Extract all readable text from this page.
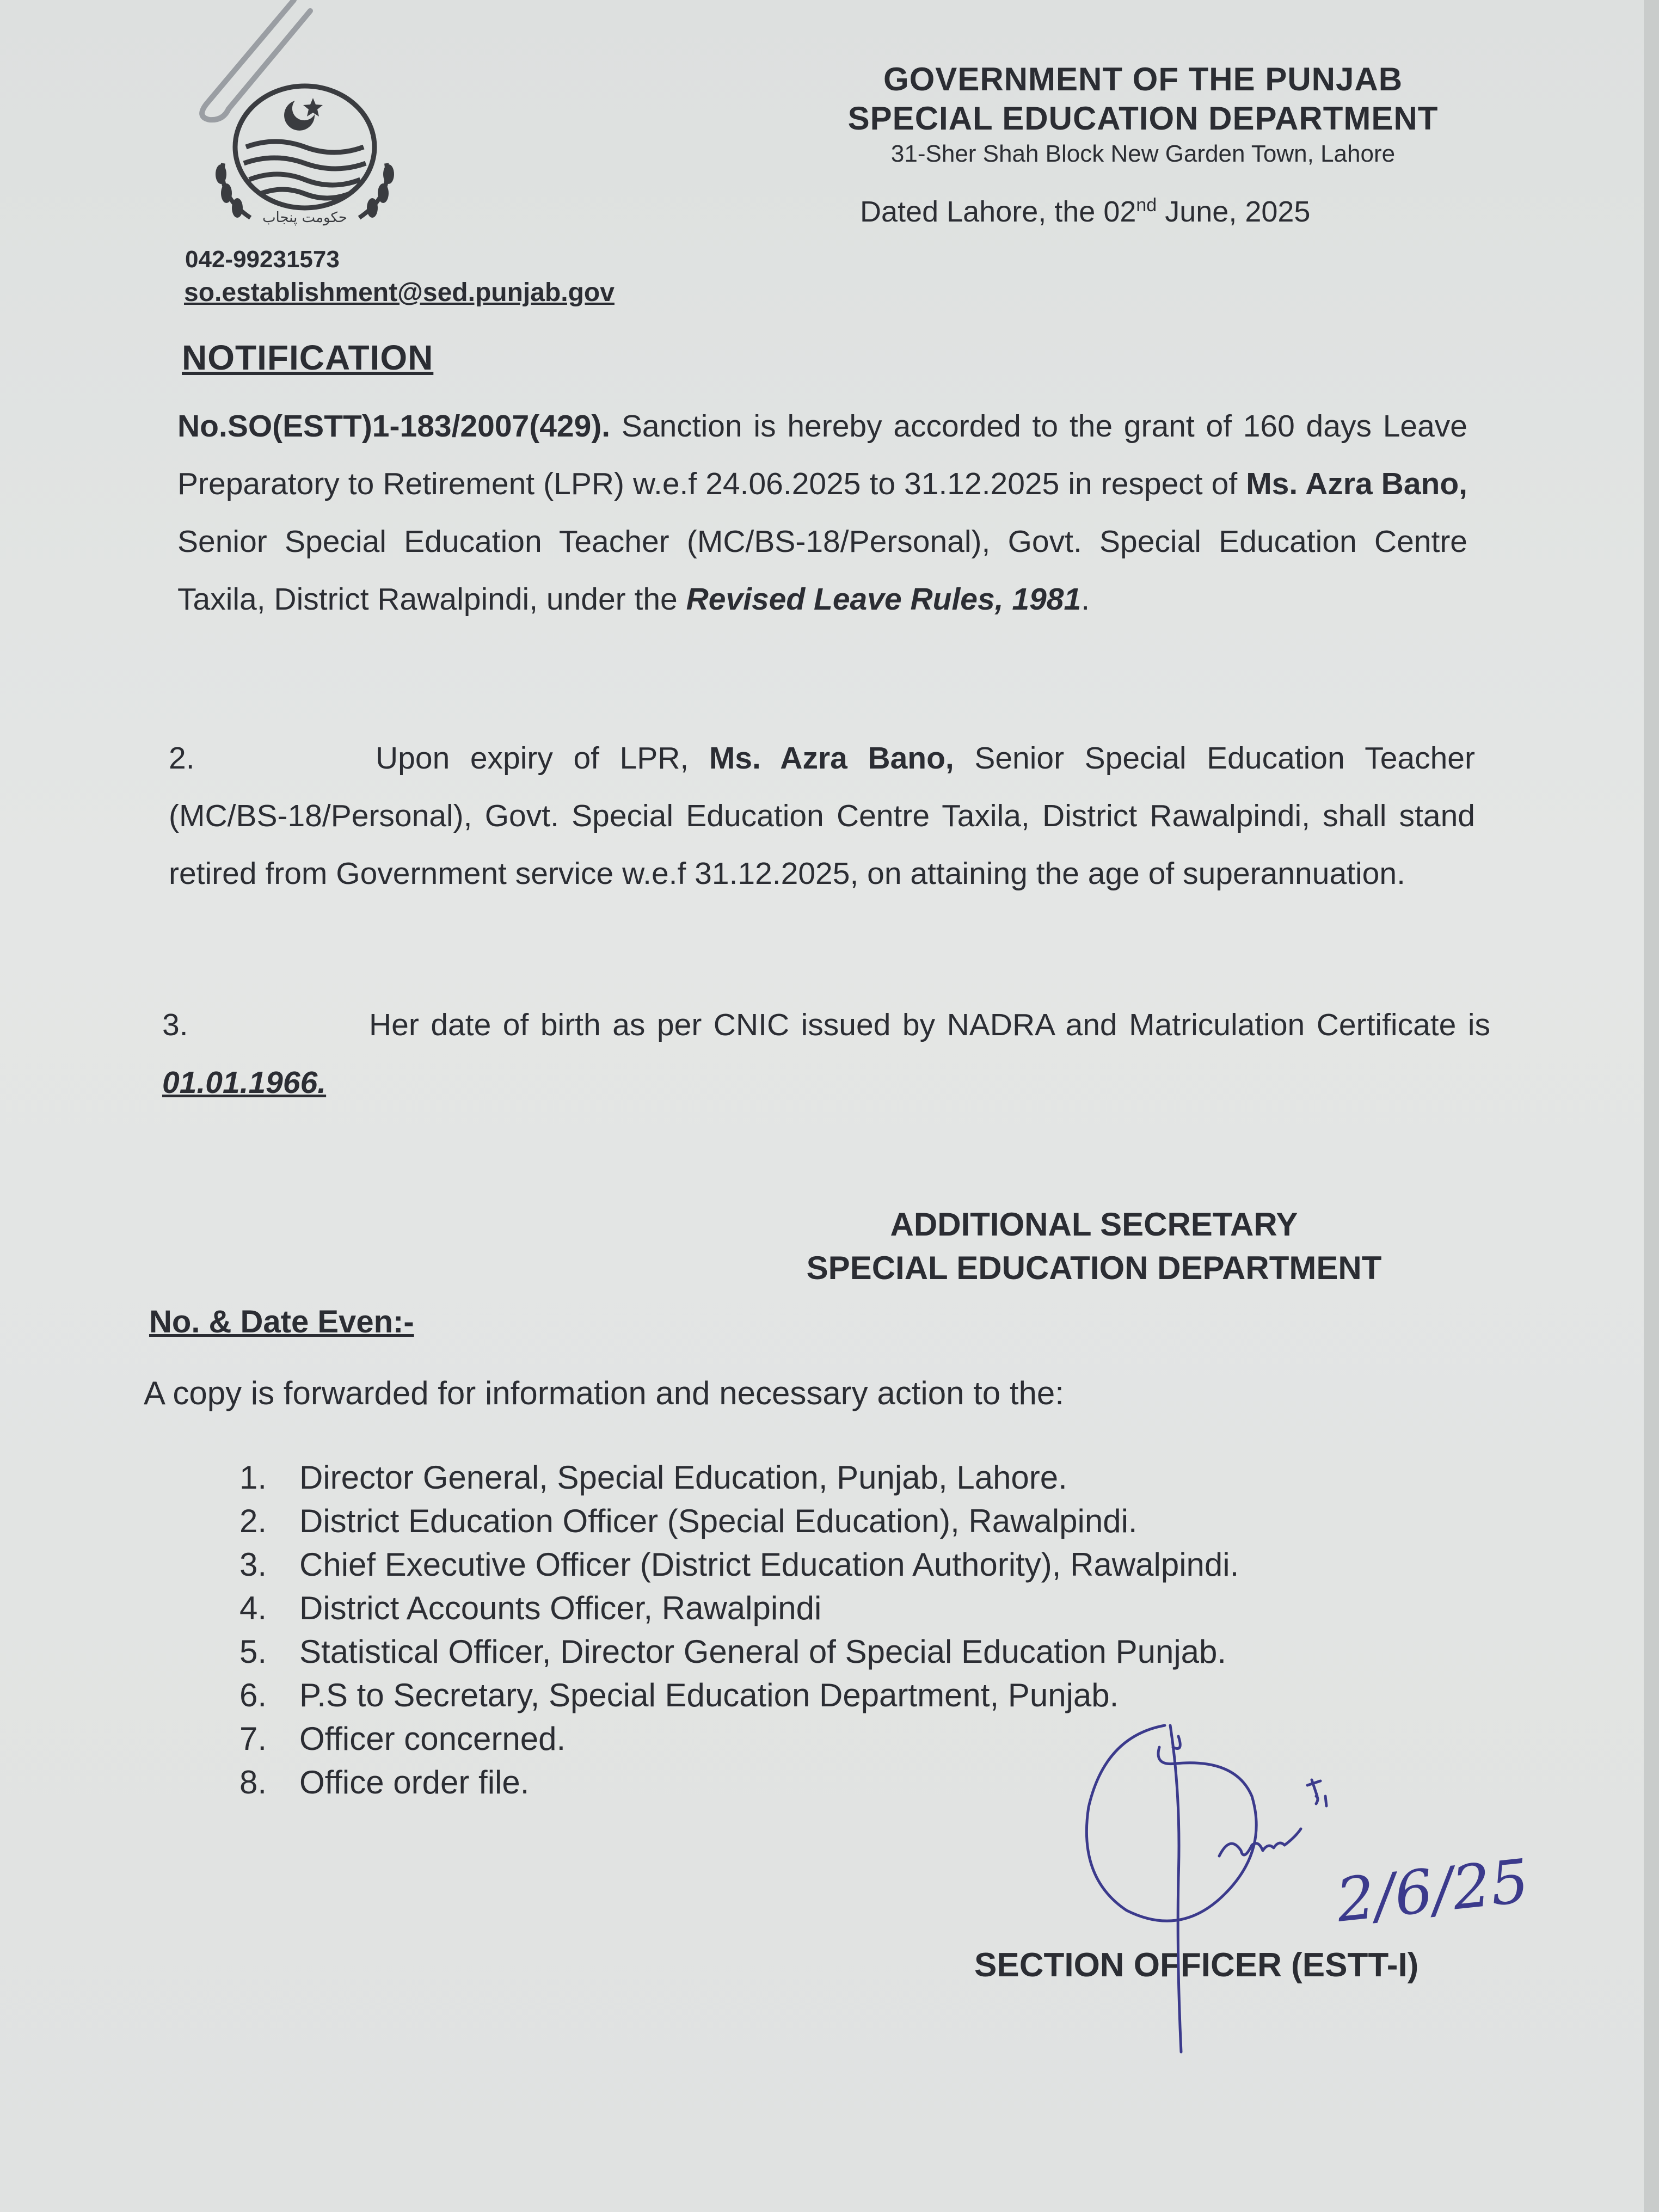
حکومت پنجاب
GOVERNMENT OF THE PUNJAB
SPECIAL EDUCATION DEPARTMENT
31-Sher Shah Block New Garden Town, Lahore
Dated Lahore, the 02nd June, 2025
042-99231573
so.establishment@sed.punjab.gov
NOTIFICATION
No.SO(ESTT)1-183/2007(429). Sanction is hereby accorded to the grant of 160 days Leave Preparatory to Retirement (LPR) w.e.f 24.06.2025 to 31.12.2025 in respect of Ms. Azra Bano, Senior Special Education Teacher (MC/BS-18/Personal), Govt. Special Education Centre Taxila, District Rawalpindi, under the Revised Leave Rules, 1981.
2.	Upon expiry of LPR, Ms. Azra Bano, Senior Special Education Teacher (MC/BS-18/Personal), Govt. Special Education Centre Taxila, District Rawalpindi, shall stand retired from Government service w.e.f 31.12.2025, on attaining the age of superannuation.
3.	Her date of birth as per CNIC issued by NADRA and Matriculation Certificate is 01.01.1966.
ADDITIONAL SECRETARY
SPECIAL EDUCATION DEPARTMENT
No. & Date Even:-
A copy is forwarded for information and necessary action to the:
1. Director General, Special Education, Punjab, Lahore.
2. District Education Officer (Special Education), Rawalpindi.
3. Chief Executive Officer (District Education Authority), Rawalpindi.
4. District Accounts Officer, Rawalpindi
5. Statistical Officer, Director General of Special Education Punjab.
6. P.S to Secretary, Special Education Department, Punjab.
7. Officer concerned.
8. Office order file.
SECTION OFFICER (ESTT-I)
2/6/25
